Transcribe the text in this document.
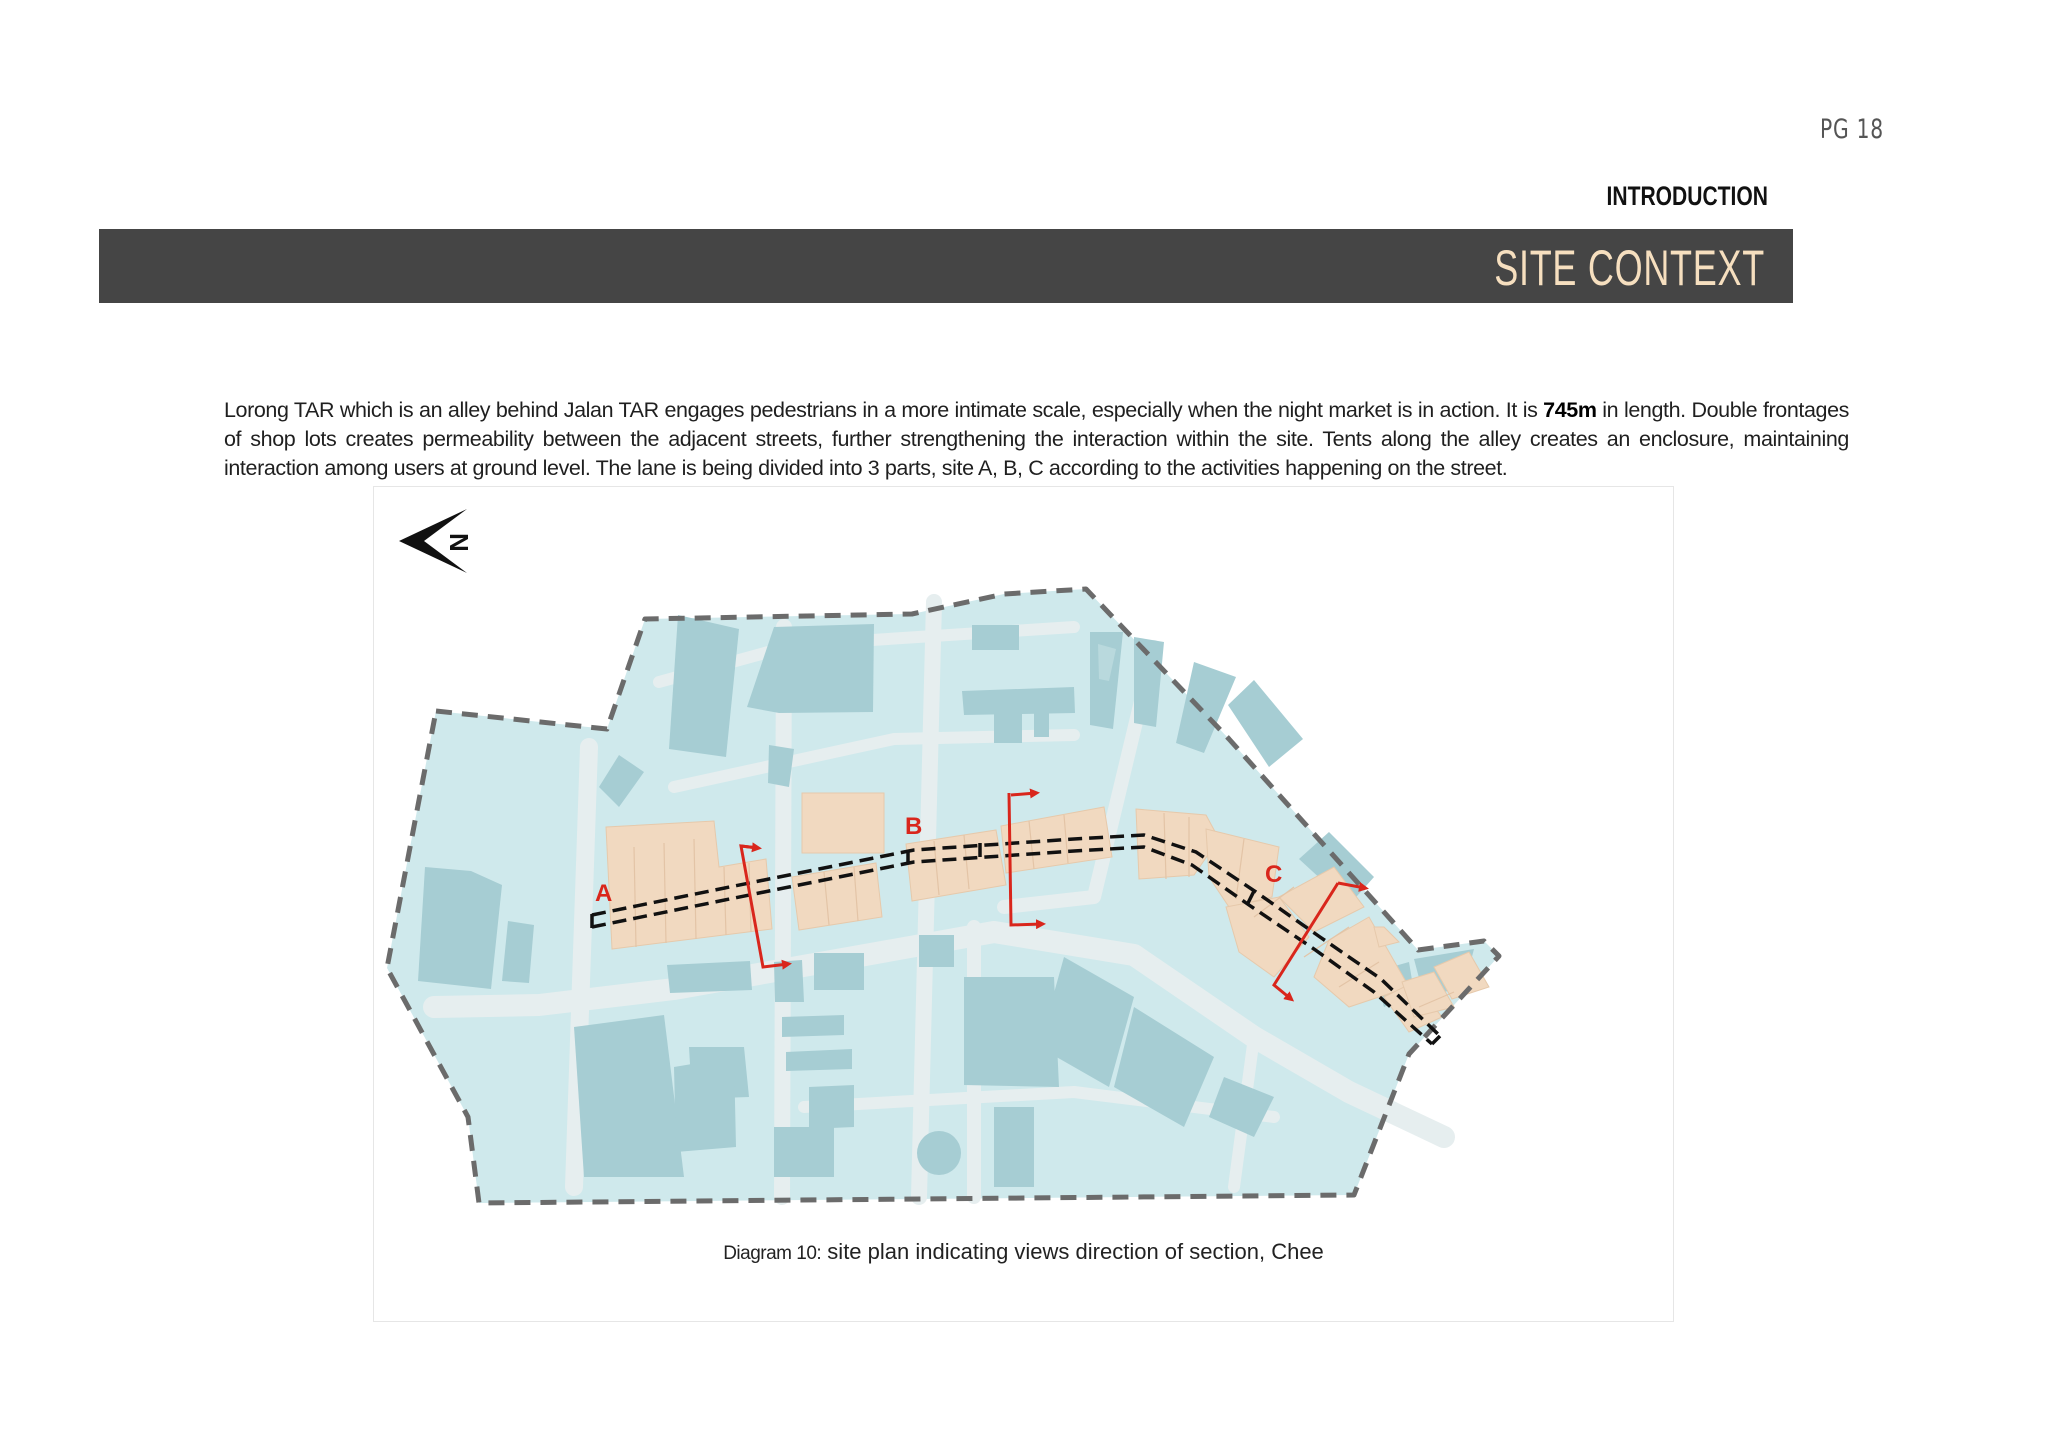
PG 18
INTRODUCTION
SITE CONTEXT
Lorong TAR which is an alley behind Jalan TAR engages pedestrians in a more intimate scale, especially when the night market is in action. It is 745m in length. Double frontages of shop lots creates permeability between the adjacent streets, further strengthening the interaction within the site. Tents along the alley creates an enclosure, maintaining interaction among users at ground level. The lane is being divided into 3 parts, site A, B, C according to the activities happening on the street.
A
B
C
N
Diagram 10: site plan indicating views direction of section, Chee
